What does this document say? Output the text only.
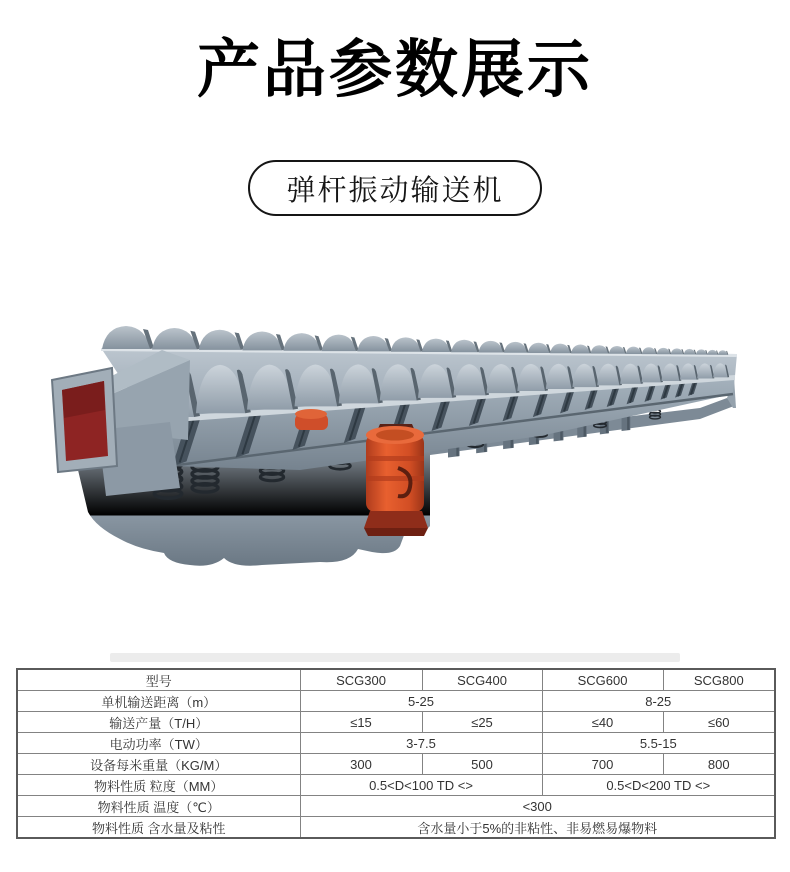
产品参数展示
弹杆振动输送机
型号	SCG300	SCG400	SCG600	SCG800
单机输送距离（m）	5-25		8-25	
输送产量（T/H）	≤15	≤25	≤40	≤60
电动功率（TW）	3-7.5		5.5-15	
设备每米重量（KG/M）	300	500	700	800
物料性质 粒度（MM）	0.5<D<100 TD <>		0.5<D<200 TD <>	
物料性质 温度（℃）	<300			
物料性质 含水量及粘性	含水量小于5%的非粘性、非易燃易爆物料			
